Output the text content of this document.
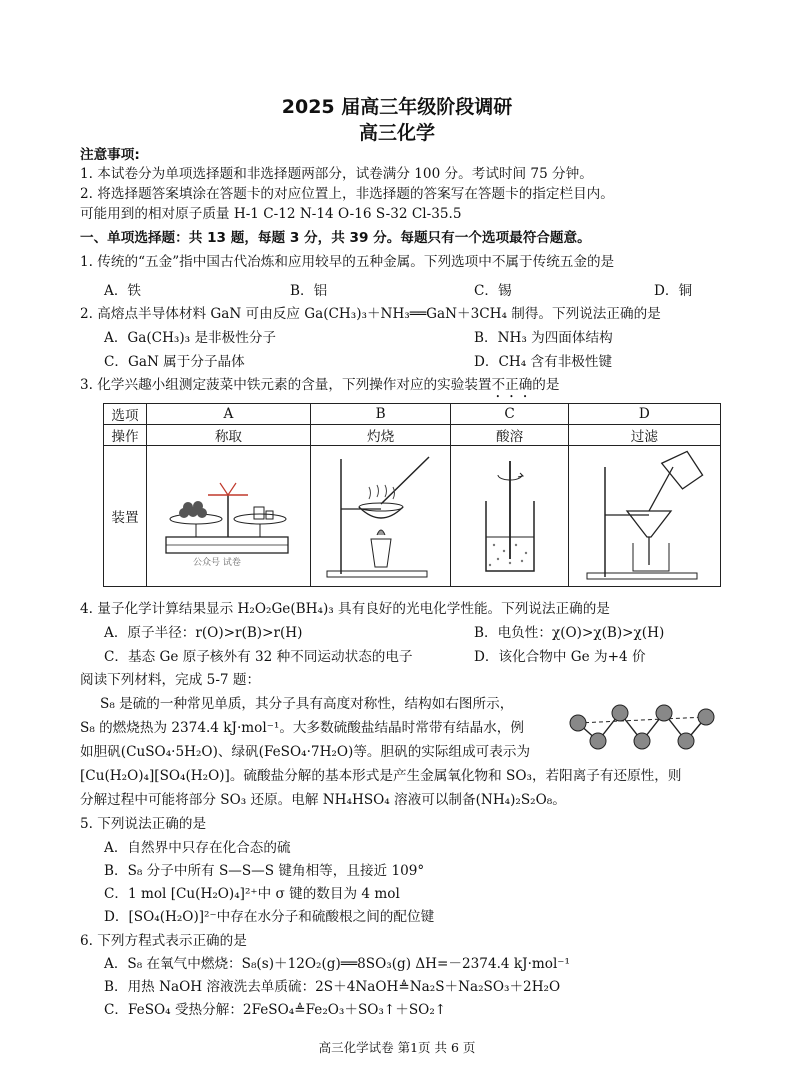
2025 届高三年级阶段调研
高三化学
注意事项:
1. 本试卷分为单项选择题和非选择题两部分，试卷满分 100 分。考试时间 75 分钟。
2. 将选择题答案填涂在答题卡的对应位置上，非选择题的答案写在答题卡的指定栏目内。
可能用到的相对原子质量 H-1 C-12 N-14 O-16 S-32 Cl-35.5
一、单项选择题：共 13 题，每题 3 分，共 39 分。每题只有一个选项最符合题意。
1. 传统的“五金”指中国古代冶炼和应用较早的五种金属。下列选项中不属于传统五金的是
A．铁	B．铝	C．锡	D．铜
2. 高熔点半导体材料 GaN 可由反应 Ga(CH₃)₃＋NH₃══GaN＋3CH₄ 制得。下列说法正确的是
A．Ga(CH₃)₃ 是非极性分子	B．NH₃ 为四面体结构
C．GaN 属于分子晶体	D．CH₄ 含有非极性键
3. 化学兴趣小组测定菠菜中铁元素的含量，下列操作对应的实验装置不正确的是
选项	A	B	C	D
操作	称取	灼烧	酸溶	过滤
装置	公众号 试卷

4. 量子化学计算结果显示 H₂O₂Ge(BH₄)₃ 具有良好的光电化学性能。下列说法正确的是
A．原子半径：r(O)>r(B)>r(H)	B．电负性：χ(O)>χ(B)>χ(H)
C．基态 Ge 原子核外有 32 种不同运动状态的电子	D．该化合物中 Ge 为+4 价
阅读下列材料，完成 5-7 题：
S₈ 是硫的一种常见单质，其分子具有高度对称性，结构如右图所示，
S₈ 的燃烧热为 2374.4 kJ·mol⁻¹。大多数硫酸盐结晶时常带有结晶水，例
如胆矾(CuSO₄·5H₂O)、绿矾(FeSO₄·7H₂O)等。胆矾的实际组成可表示为
[Cu(H₂O)₄][SO₄(H₂O)]。硫酸盐分解的基本形式是产生金属氧化物和 SO₃，若阳离子有还原性，则
分解过程中可能将部分 SO₃ 还原。电解 NH₄HSO₄ 溶液可以制备(NH₄)₂S₂O₈。
5. 下列说法正确的是
A．自然界中只存在化合态的硫
B．S₈ 分子中所有 S—S—S 键角相等，且接近 109°
C．1 mol [Cu(H₂O)₄]²⁺中 σ 键的数目为 4 mol
D．[SO₄(H₂O)]²⁻中存在水分子和硫酸根之间的配位键
6. 下列方程式表示正确的是
A．S₈ 在氧气中燃烧：S₈(s)＋12O₂(g)══8SO₃(g) ΔH=－2374.4 kJ·mol⁻¹
B．用热 NaOH 溶液洗去单质硫：2S＋4NaOH≜Na₂S＋Na₂SO₃＋2H₂O
C．FeSO₄ 受热分解：2FeSO₄≜Fe₂O₃＋SO₃↑＋SO₂↑
高三化学试卷 第1页 共 6 页
